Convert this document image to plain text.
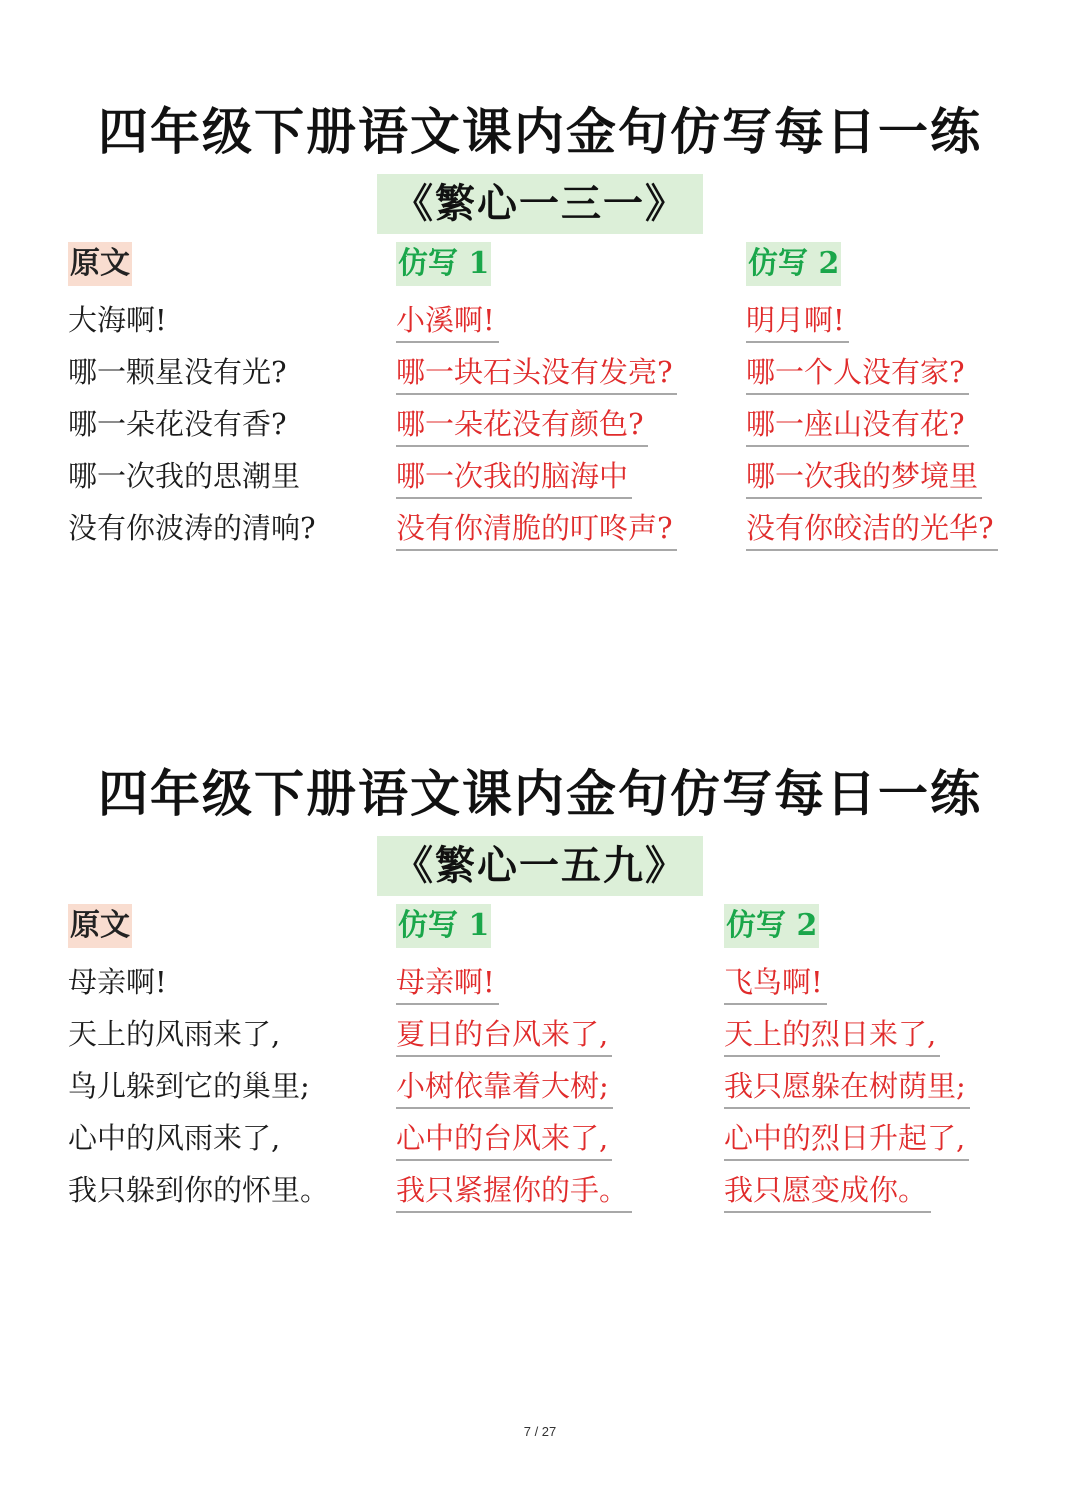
四年级下册语文课内金句仿写每日一练
《繁心一三一》
原文
大海啊!
哪一颗星没有光?
哪一朵花没有香?
哪一次我的思潮里
没有你波涛的清响?
仿写 1
小溪啊!
哪一块石头没有发亮?
哪一朵花没有颜色?
哪一次我的脑海中
没有你清脆的叮咚声?
仿写 2
明月啊!
哪一个人没有家?
哪一座山没有花?
哪一次我的梦境里
没有你皎洁的光华?
四年级下册语文课内金句仿写每日一练
《繁心一五九》
原文
母亲啊!
天上的风雨来了,
鸟儿躲到它的巢里;
心中的风雨来了,
我只躲到你的怀里。
仿写 1
母亲啊!
夏日的台风来了,
小树依靠着大树;
心中的台风来了,
我只紧握你的手。
仿写 2
飞鸟啊!
天上的烈日来了,
我只愿躲在树荫里;
心中的烈日升起了,
我只愿变成你。
7 / 27
